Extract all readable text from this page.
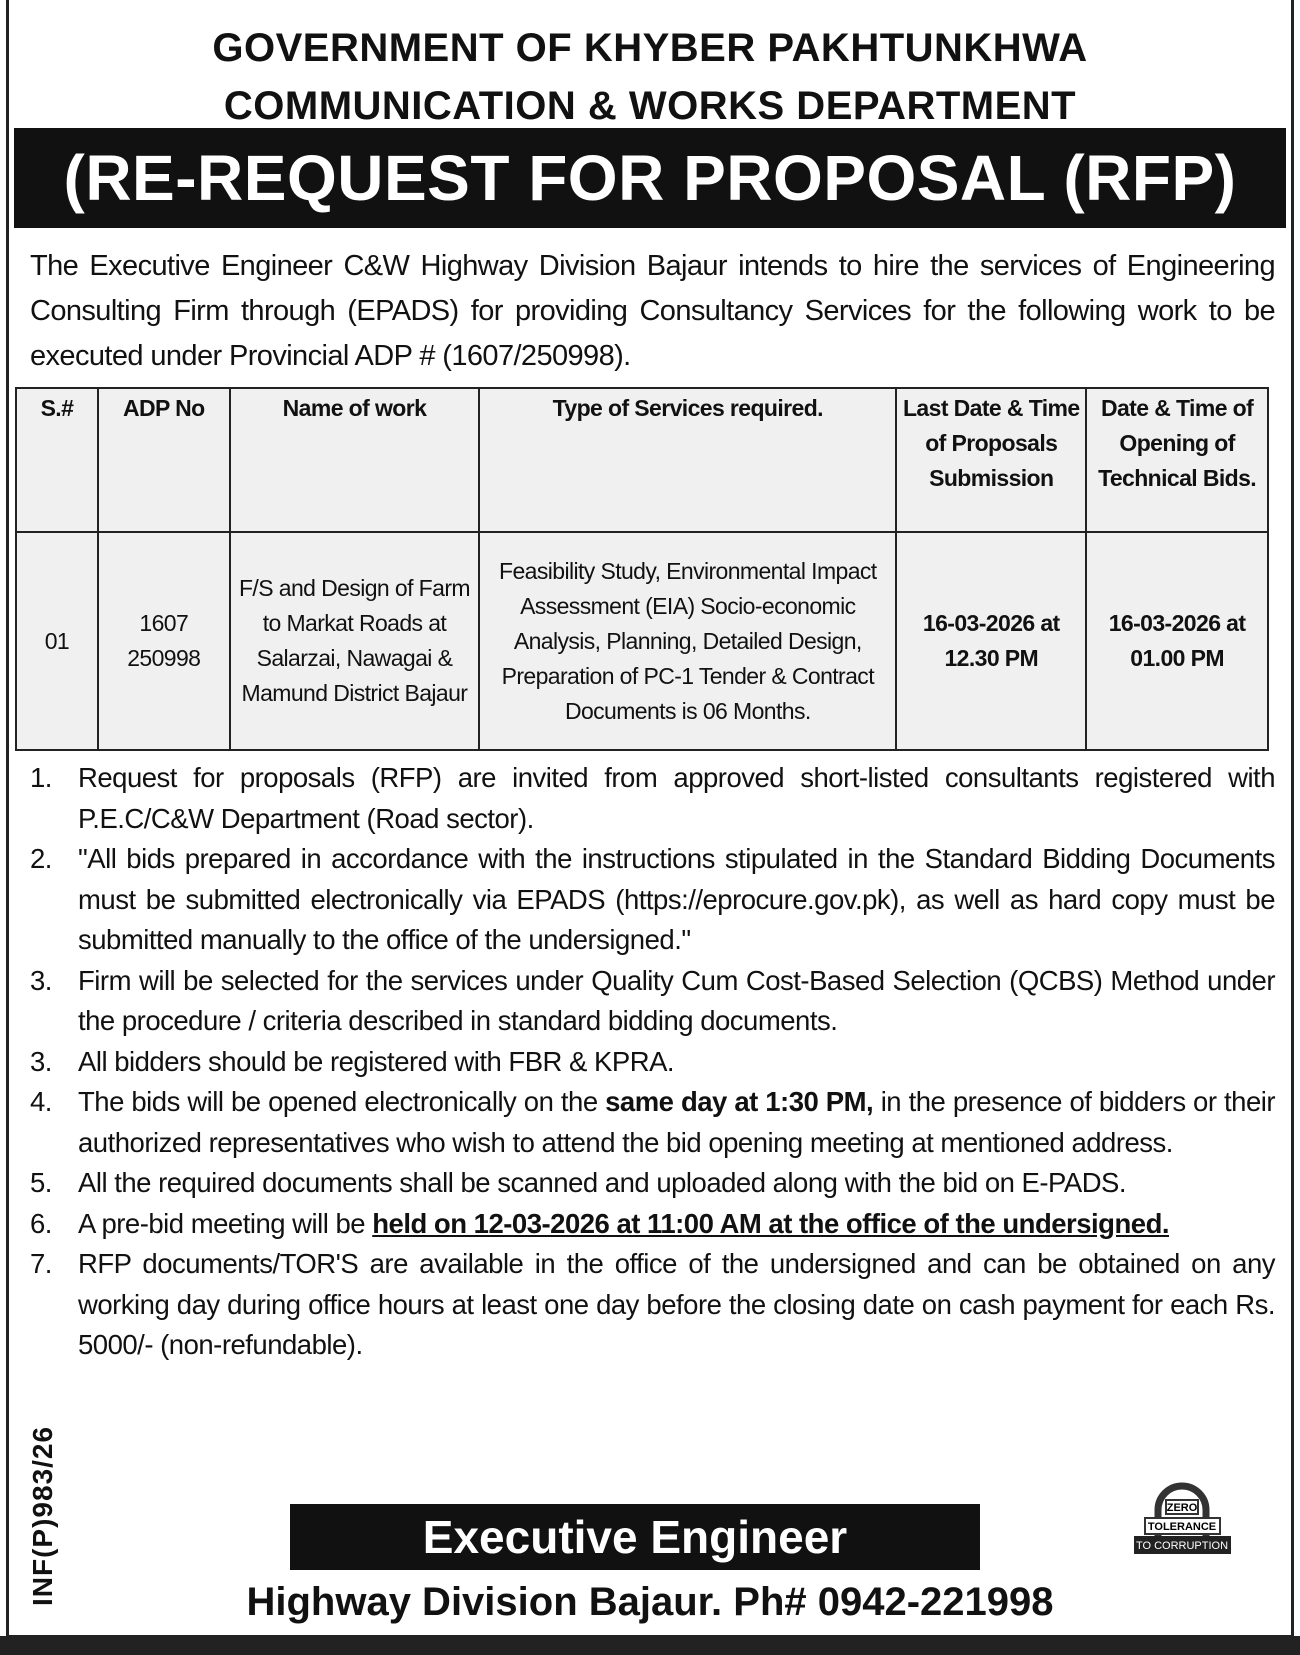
GOVERNMENT OF KHYBER PAKHTUNKHWA
COMMUNICATION & WORKS DEPARTMENT
(RE-REQUEST FOR PROPOSAL (RFP)

The Executive Engineer C&W Highway Division Bajaur intends to hire the services of Engineering Consulting Firm through (EPADS) for providing Consultancy Services for the following work to be executed under Provincial ADP # (1607/250998).

S.#	ADP No	Name of work	Type of Services required.	Last Date & Time of Proposals Submission	Date & Time of Opening of Technical Bids.
01	1607 250998	F/S and Design of Farm to Markat Roads at Salarzai, Nawagai & Mamund District Bajaur	Feasibility Study, Environmental Impact Assessment (EIA) Socio-economic Analysis, Planning, Detailed Design, Preparation of PC-1 Tender & Contract Documents is 06 Months.	16-03-2026 at 12.30 PM	16-03-2026 at 01.00 PM
1. Request for proposals (RFP) are invited from approved short-listed consultants registered with P.E.C/C&W Department (Road sector).
2. "All bids prepared in accordance with the instructions stipulated in the Standard Bidding Documents must be submitted electronically via EPADS (https://eprocure.gov.pk), as well as hard copy must be submitted manually to the office of the undersigned."
3. Firm will be selected for the services under Quality Cum Cost-Based Selection (QCBS) Method under the procedure / criteria described in standard bidding documents.
3. All bidders should be registered with FBR & KPRA.
4. The bids will be opened electronically on the same day at 1:30 PM, in the presence of bidders or their authorized representatives who wish to attend the bid opening meeting at mentioned address.
5. All the required documents shall be scanned and uploaded along with the bid on E-PADS.
6. A pre-bid meeting will be held on 12-03-2026 at 11:00 AM at the office of the undersigned.
7. RFP documents/TOR'S are available in the office of the undersigned and can be obtained on any working day during office hours at least one day before the closing date on cash payment for each Rs. 5000/- (non-refundable).
INF(P)983/26	Executive Engineer
Highway Division Bajaur. Ph# 0942-221998
ZERO
TOLERANCE
TO CORRUPTION
